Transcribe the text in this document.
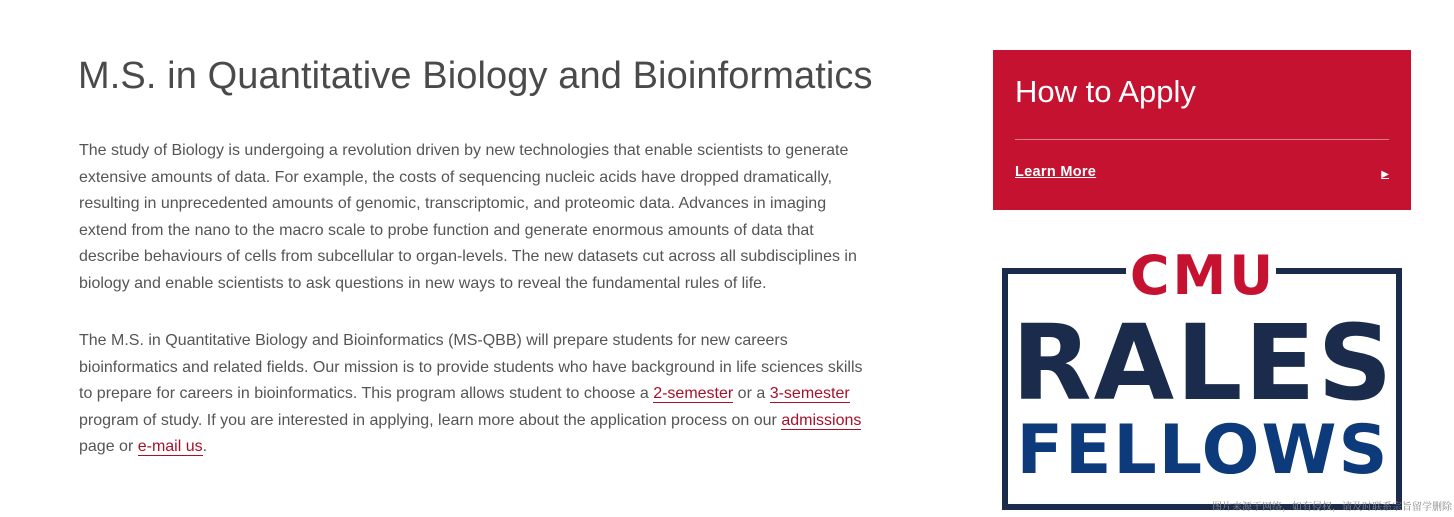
M.S. in Quantitative Biology and Bioinformatics

The study of Biology is undergoing a revolution driven by new technologies that enable scientists to generate extensive amounts of data. For example, the costs of sequencing nucleic acids have dropped dramatically, resulting in unprecedented amounts of genomic, transcriptomic, and proteomic data. Advances in imaging extend from the nano to the macro scale to probe function and generate enormous amounts of data that describe behaviours of cells from subcellular to organ-levels. The new datasets cut across all subdisciplines in biology and enable scientists to ask questions in new ways to reveal the fundamental rules of life.

The M.S. in Quantitative Biology and Bioinformatics (MS-QBB) will prepare students for new careers bioinformatics and related fields. Our mission is to provide students who have background in life sciences skills to prepare for careers in bioinformatics. This program allows student to choose a 2-semester or a 3-semester program of study. If you are interested in applying, learn more about the application process on our admissions page or e-mail us.

How to Apply
Learn More	▶
CMU
RALES
FELLOWS
图片来源于网络，如有侵权，请及时联系宗旨留学删除
